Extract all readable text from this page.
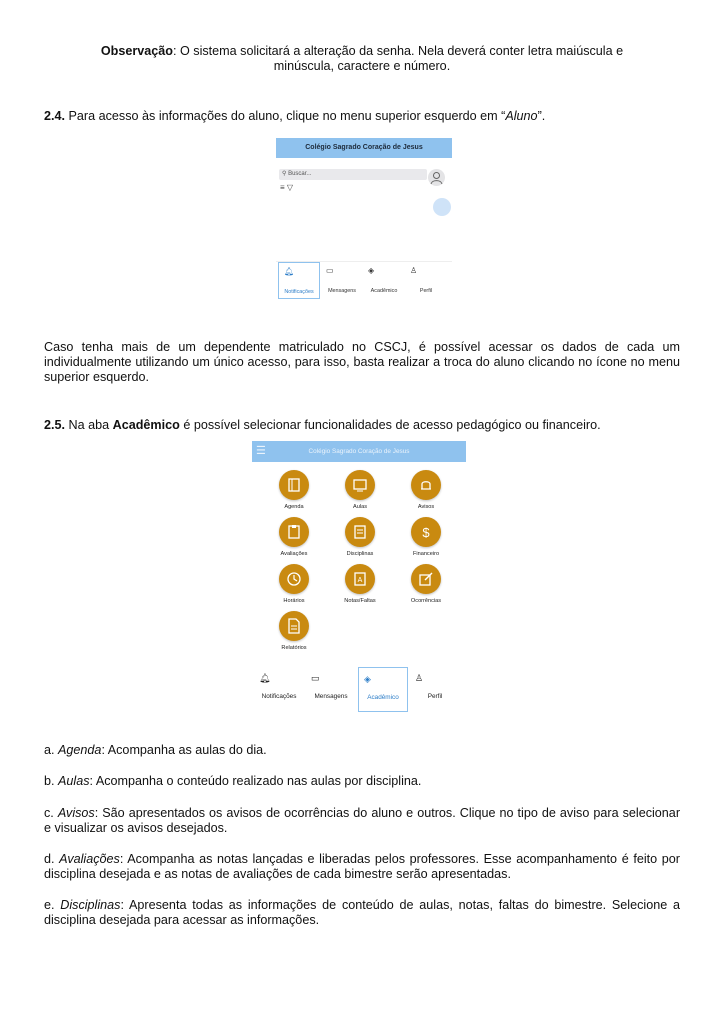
Observação: O sistema solicitará a alteração da senha. Nela deverá conter letra maiúscula e
minúscula, caractere e número.
2.4. Para acesso às informações do aluno, clique no menu superior esquerdo em “Aluno”.
Colégio Sagrado Coração de Jesus
⚲ Buscar...
≡ ▽
🔔︎
Notificações
▭
Mensagens
◈
Acadêmico
♙
Perfil
Caso tenha mais de um dependente matriculado no CSCJ, é possível acessar os dados de cada um individualmente utilizando um único acesso, para isso, basta realizar a troca do aluno clicando no ícone no menu superior esquerdo.
2.5. Na aba Acadêmico é possível selecionar funcionalidades de acesso pedagógico ou financeiro.
Colégio Sagrado Coração de Jesus
☰
Agenda	Aulas	Avisos
Avaliações	Disciplinas
$
Financeiro
Horários
A
Notas/Faltas	Ocorrências
Relatórios
🔔︎
Notificações
▭
Mensagens
◈
Acadêmico
♙
Perfil
a. Agenda: Acompanha as aulas do dia.
b. Aulas: Acompanha o conteúdo realizado nas aulas por disciplina.
c. Avisos: São apresentados os avisos de ocorrências do aluno e outros. Clique no tipo de aviso para selecionar e visualizar os avisos desejados.
d. Avaliações: Acompanha as notas lançadas e liberadas pelos professores. Esse acompanhamento é feito por disciplina desejada e as notas de avaliações de cada bimestre serão apresentadas.
e. Disciplinas: Apresenta todas as informações de conteúdo de aulas, notas, faltas do bimestre. Selecione a disciplina desejada para acessar as informações.
